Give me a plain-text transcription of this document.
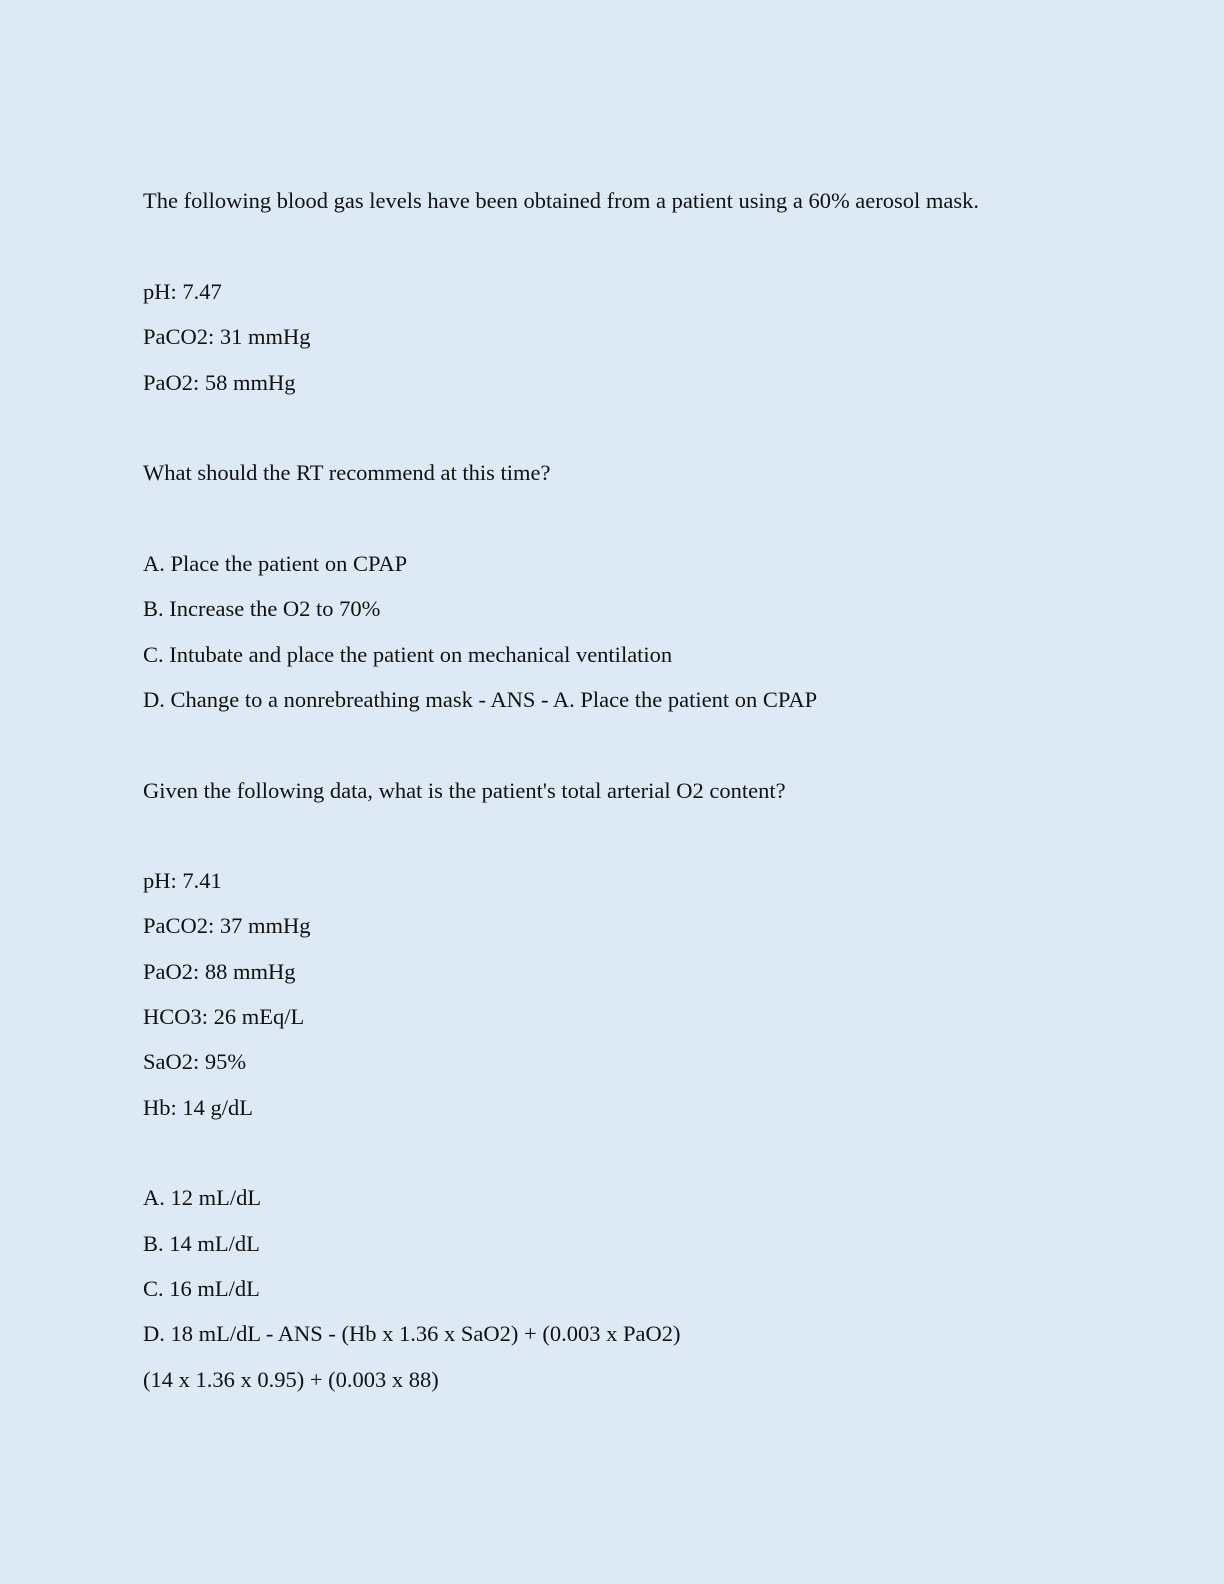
The following blood gas levels have been obtained from a patient using a 60% aerosol mask.
pH: 7.47
PaCO2: 31 mmHg
PaO2: 58 mmHg
What should the RT recommend at this time?
A. Place the patient on CPAP
B. Increase the O2 to 70%
C. Intubate and place the patient on mechanical ventilation
D. Change to a nonrebreathing mask - ANS - A. Place the patient on CPAP
Given the following data, what is the patient's total arterial O2 content?
pH: 7.41
PaCO2: 37 mmHg
PaO2: 88 mmHg
HCO3: 26 mEq/L
SaO2: 95%
Hb: 14 g/dL
A. 12 mL/dL
B. 14 mL/dL
C. 16 mL/dL
D. 18 mL/dL - ANS - (Hb x 1.36 x SaO2) + (0.003 x PaO2)
(14 x 1.36 x 0.95) + (0.003 x 88)
